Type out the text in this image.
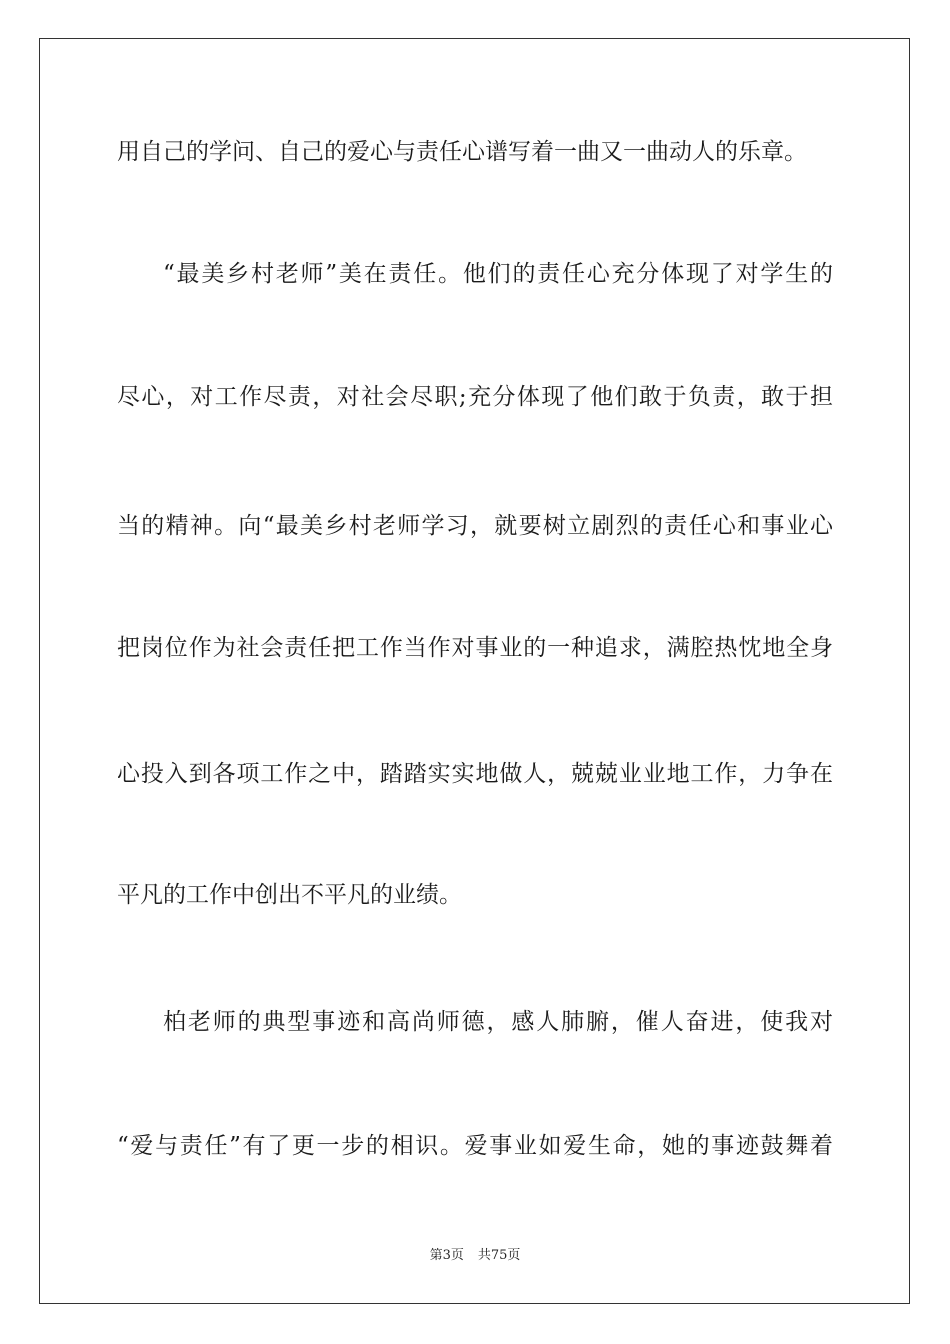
用自己的学问、自己的爱心与责任心谱写着一曲又一曲动人的乐章。
“最美乡村老师”美在责任。他们的责任心充分体现了对学生的
尽心，对工作尽责，对社会尽职;充分体现了他们敢于负责，敢于担
当的精神。向“最美乡村老师学习，就要树立剧烈的责任心和事业心
把岗位作为社会责任把工作当作对事业的一种追求，满腔热忱地全身
心投入到各项工作之中，踏踏实实地做人，兢兢业业地工作，力争在
平凡的工作中创出不平凡的业绩。
柏老师的典型事迹和高尚师德，感人肺腑，催人奋进，使我对
“爱与责任”有了更一步的相识。爱事业如爱生命，她的事迹鼓舞着
第3页 共75页
